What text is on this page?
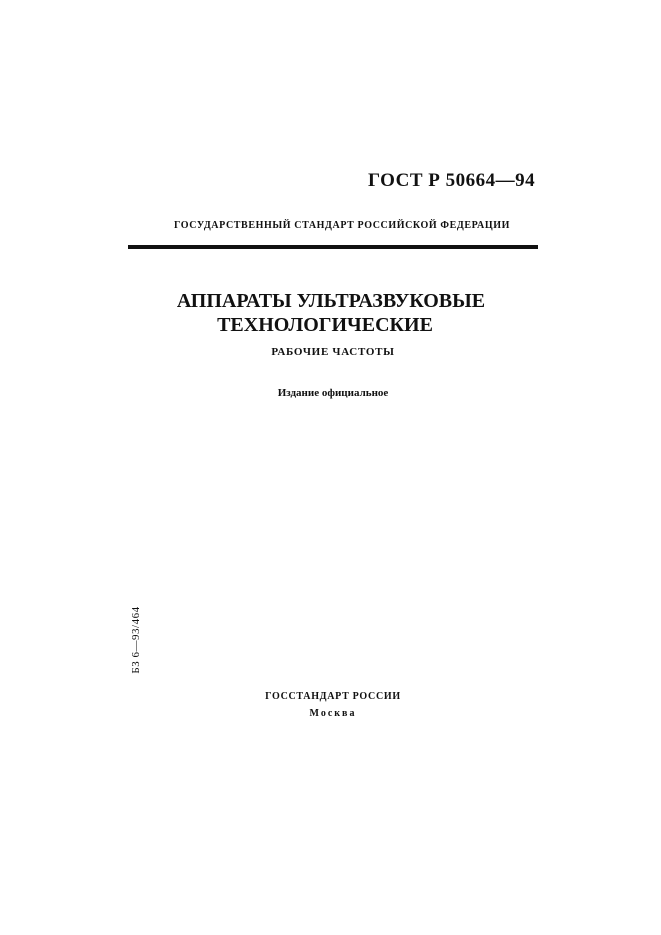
ГОСТ Р 50664—94
ГОСУДАРСТВЕННЫЙ СТАНДАРТ РОССИЙСКОЙ ФЕДЕРАЦИИ
АППАРАТЫ УЛЬТРАЗВУКОВЫЕ
ТЕХНОЛОГИЧЕСКИЕ
РАБОЧИЕ ЧАСТОТЫ
Издание официальное
БЗ 6—93/464
ГОССТАНДАРТ РОССИИ
Москва
